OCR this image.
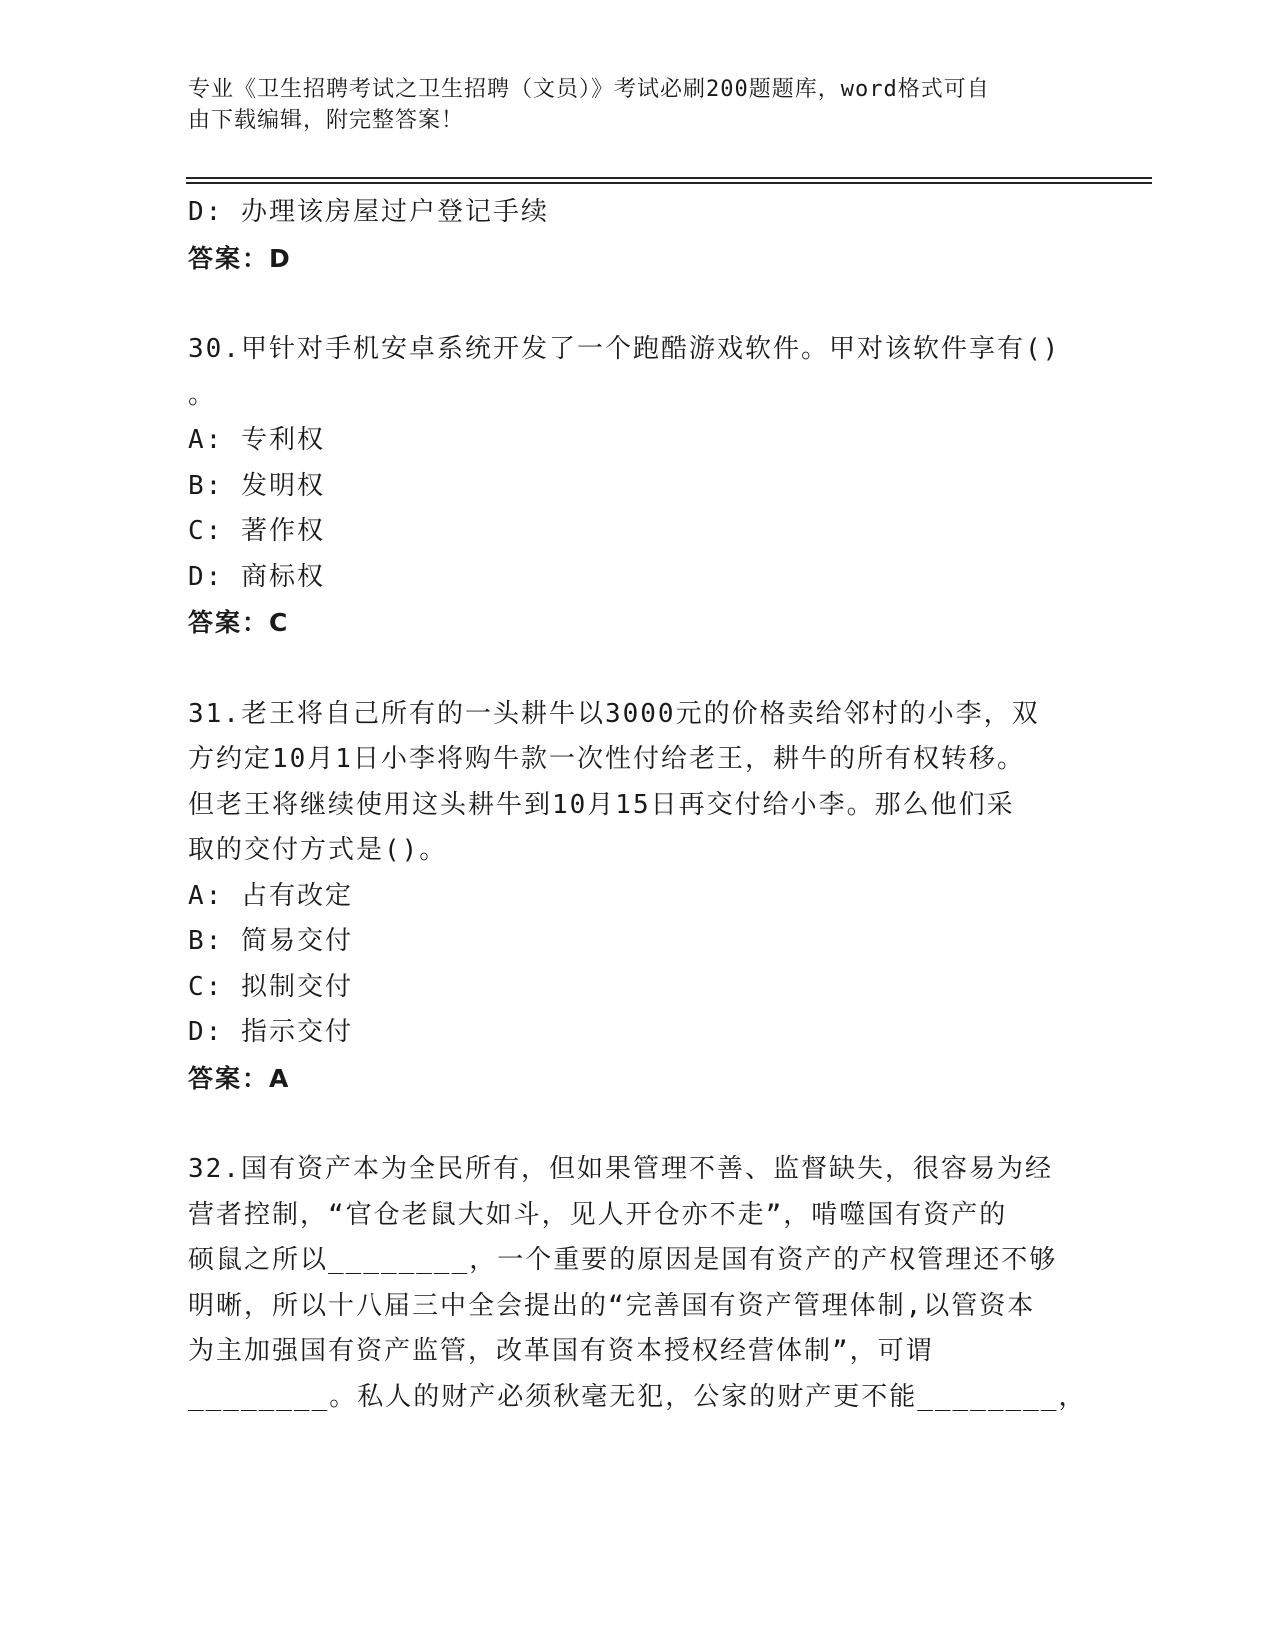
专业《卫生招聘考试之卫生招聘（文员）》考试必刷200题题库，word格式可自
由下载编辑，附完整答案！
D: 办理该房屋过户登记手续
答案：D
30.甲针对手机安卓系统开发了一个跑酷游戏软件。甲对该软件享有()
。
A: 专利权
B: 发明权
C: 著作权
D: 商标权
答案：C
31.老王将自己所有的一头耕牛以3000元的价格卖给邻村的小李，双
方约定10月1日小李将购牛款一次性付给老王，耕牛的所有权转移。
但老王将继续使用这头耕牛到10月15日再交付给小李。那么他们采
取的交付方式是()。
A: 占有改定
B: 简易交付
C: 拟制交付
D: 指示交付
答案：A
32.国有资产本为全民所有，但如果管理不善、监督缺失，很容易为经
营者控制，“官仓老鼠大如斗，见人开仓亦不走”，啃噬国有资产的
硕鼠之所以________，一个重要的原因是国有资产的产权管理还不够
明晰，所以十八届三中全会提出的“完善国有资产管理体制,以管资本
为主加强国有资产监管，改革国有资本授权经营体制”，可谓
________。私人的财产必须秋毫无犯，公家的财产更不能________，
